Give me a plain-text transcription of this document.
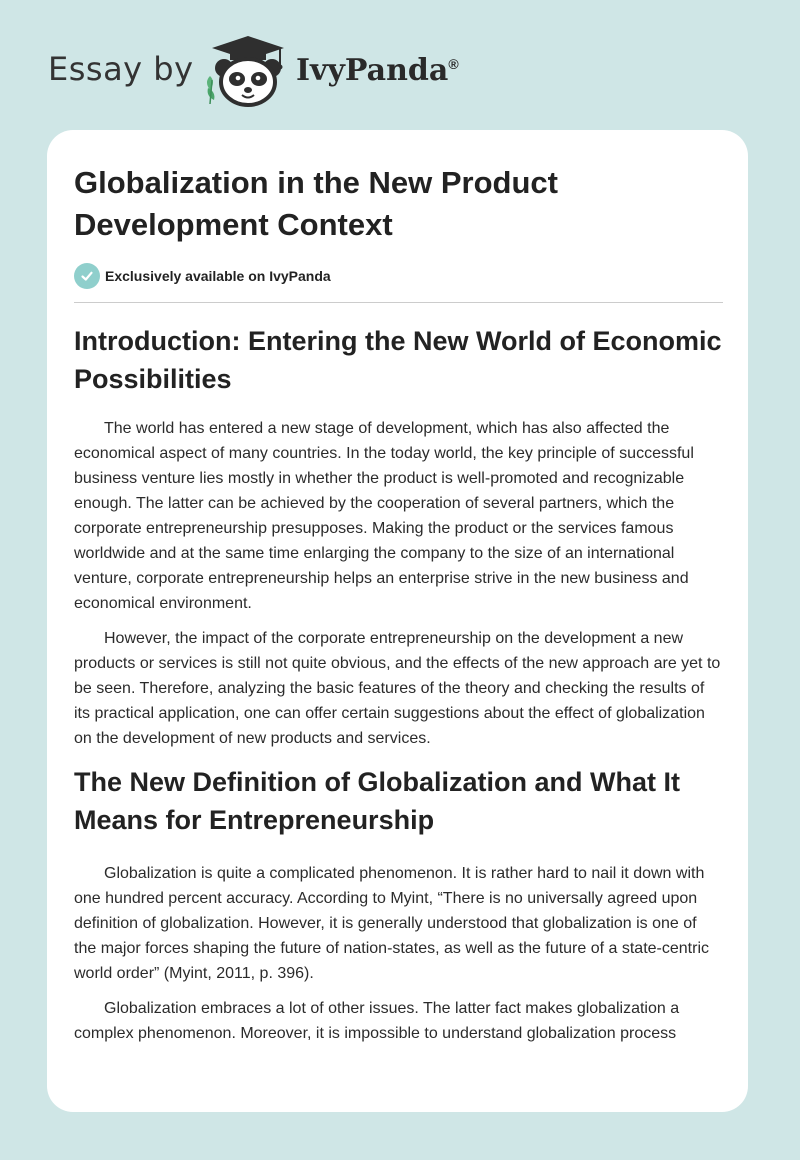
Essay by	IvyPanda®
Globalization in the New Product Development Context
Exclusively available on IvyPanda
Introduction: Entering the New World of Economic Possibilities

The world has entered a new stage of development, which has also affected the economical aspect of many countries. In the today world, the key principle of successful business venture lies mostly in whether the product is well-promoted and recognizable enough. The latter can be achieved by the cooperation of several partners, which the corporate entrepreneurship presupposes. Making the product or the services famous worldwide and at the same time enlarging the company to the size of an international venture, corporate entrepreneurship helps an enterprise strive in the new business and economical environment.

However, the impact of the corporate entrepreneurship on the development a new products or services is still not quite obvious, and the effects of the new approach are yet to be seen. Therefore, analyzing the basic features of the theory and checking the results of its practical application, one can offer certain suggestions about the effect of globalization on the development of new products and services.

The New Definition of Globalization and What It Means for Entrepreneurship

Globalization is quite a complicated phenomenon. It is rather hard to nail it down with one hundred percent accuracy. According to Myint, “There is no universally agreed upon definition of globalization. However, it is generally understood that globalization is one of the major forces shaping the future of nation-states, as well as the future of a state-centric world order” (Myint, 2011, p. 396).

Globalization embraces a lot of other issues. The latter fact makes globalization a complex phenomenon. Moreover, it is impossible to understand globalization process
